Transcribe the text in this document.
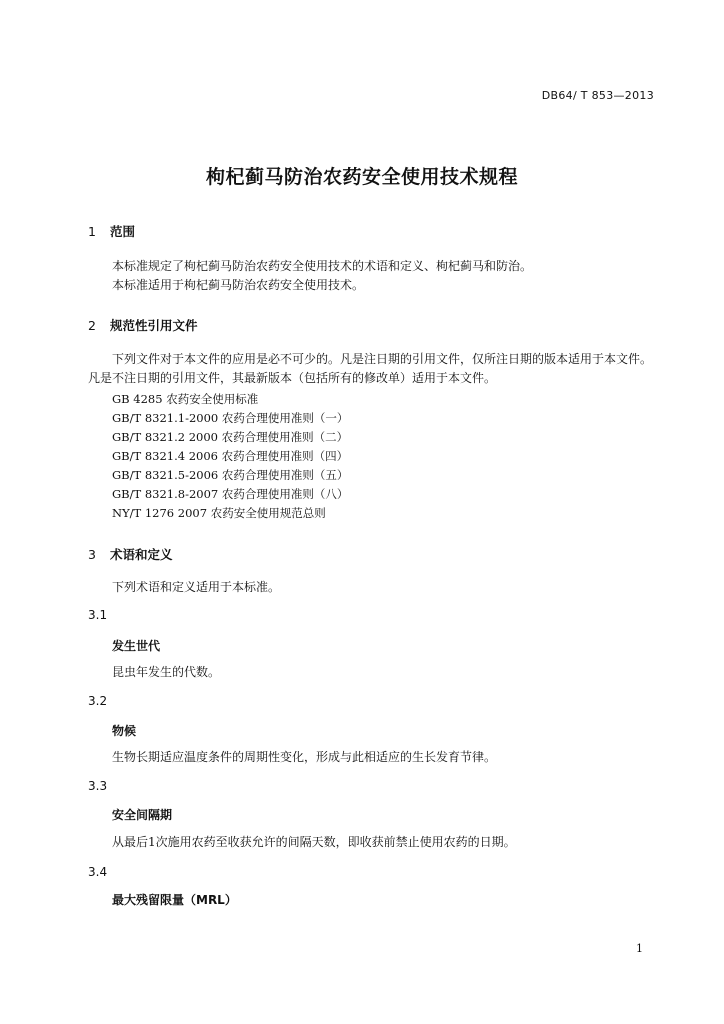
DB64/ T 853—2013
枸杞蓟马防治农药安全使用技术规程
1 范围
本标准规定了枸杞蓟马防治农药安全使用技术的术语和定义、枸杞蓟马和防治。
本标准适用于枸杞蓟马防治农药安全使用技术。
2 规范性引用文件
下列文件对于本文件的应用是必不可少的。凡是注日期的引用文件，仅所注日期的版本适用于本文件。凡是不注日期的引用文件，其最新版本（包括所有的修改单）适用于本文件。
GB 4285 农药安全使用标准
GB/T 8321.1-2000 农药合理使用准则（一）
GB/T 8321.2 2000 农药合理使用准则（二）
GB/T 8321.4 2006 农药合理使用准则（四）
GB/T 8321.5-2006 农药合理使用准则（五）
GB/T 8321.8-2007 农药合理使用准则（八）
NY/T 1276 2007 农药安全使用规范总则
3 术语和定义
下列术语和定义适用于本标准。
3.1
发生世代
昆虫年发生的代数。
3.2
物候
生物长期适应温度条件的周期性变化，形成与此相适应的生长发育节律。
3.3
安全间隔期
从最后1次施用农药至收获允许的间隔天数，即收获前禁止使用农药的日期。
3.4
最大残留限量（MRL）
1
